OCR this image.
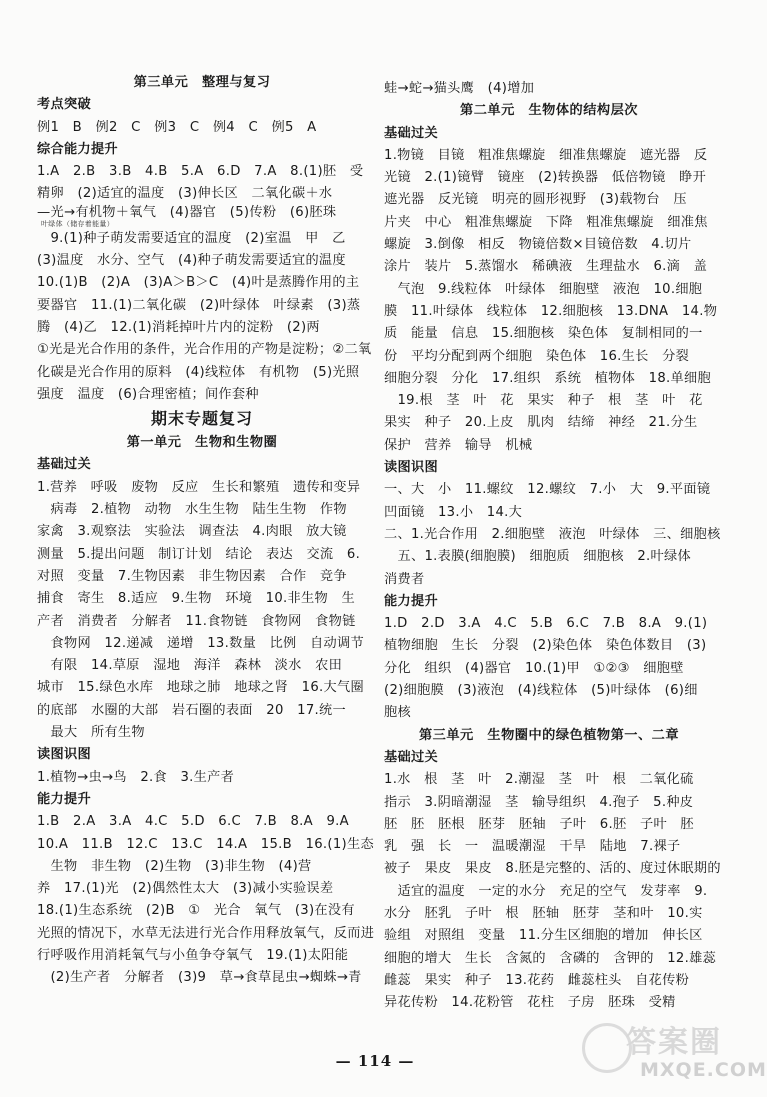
第三单元　整理与复习
考点突破
例1　B　例2　C　例3　C　例4　C　例5　A
综合能力提升
1.A　2.B　3.B　4.B　5.A　6.D　7.A　8.(1)胚　受
精卵　(2)适宜的温度　(3)伸长区　二氧化碳＋水
—光→有机物＋氧气　(4)器官　(5)传粉　(6)胚珠
叶绿体（储存着能量）
　9.(1)种子萌发需要适宜的温度　(2)室温　甲　乙
(3)温度　水分、空气　(4)种子萌发需要适宜的温度
10.(1)B　(2)A　(3)A＞B＞C　(4)叶是蒸腾作用的主
要器官　11.(1)二氧化碳　(2)叶绿体　叶绿素　(3)蒸
腾　(4)乙　12.(1)消耗掉叶片内的淀粉　(2)两
①光是光合作用的条件，光合作用的产物是淀粉；②二氧
化碳是光合作用的原料　(4)线粒体　有机物　(5)光照
强度　温度　(6)合理密植；间作套种
期末专题复习
第一单元　生物和生物圈
基础过关
1.营养　呼吸　废物　反应　生长和繁殖　遗传和变异
　病毒　2.植物　动物　水生生物　陆生生物　作物
家禽　3.观察法　实验法　调查法　4.肉眼　放大镜
测量　5.提出问题　制订计划　结论　表达　交流　6.
对照　变量　7.生物因素　非生物因素　合作　竞争
捕食　寄生　8.适应　9.生物　环境　10.非生物　生
产者　消费者　分解者　11.食物链　食物网　食物链
　食物网　12.递减　递增　13.数量　比例　自动调节
　有限　14.草原　湿地　海洋　森林　淡水　农田
城市　15.绿色水库　地球之肺　地球之肾　16.大气圈
的底部　水圈的大部　岩石圈的表面　20　17.统一
　最大　所有生物
读图识图
1.植物→虫→鸟　2.食　3.生产者
能力提升
1.B　2.A　3.A　4.C　5.D　6.C　7.B　8.A　9.A
10.A　11.B　12.C　13.C　14.A　15.B　16.(1)生态
　生物　非生物　(2)生物　(3)非生物　(4)营
养　17.(1)光　(2)偶然性太大　(3)减小实验误差
18.(1)生态系统　(2)B　①　光合　氧气　(3)在没有
光照的情况下，水草无法进行光合作用释放氧气，反而进
行呼吸作用消耗氧气与小鱼争夺氧气　19.(1)太阳能
　(2)生产者　分解者　(3)9　草→食草昆虫→蜘蛛→青
蛙→蛇→猫头鹰　(4)增加
第二单元　生物体的结构层次
基础过关
1.物镜　目镜　粗准焦螺旋　细准焦螺旋　遮光器　反
光镜　2.(1)镜臂　镜座　(2)转换器　低倍物镜　睁开
遮光器　反光镜　明亮的圆形视野　(3)载物台　压
片夹　中心　粗准焦螺旋　下降　粗准焦螺旋　细准焦
螺旋　3.倒像　相反　物镜倍数×目镜倍数　4.切片
涂片　装片　5.蒸馏水　稀碘液　生理盐水　6.滴　盖
　气泡　9.线粒体　叶绿体　细胞壁　液泡　10.细胞
膜　11.叶绿体　线粒体　12.细胞核　13.DNA　14.物
质　能量　信息　15.细胞核　染色体　复制相同的一
份　平均分配到两个细胞　染色体　16.生长　分裂
细胞分裂　分化　17.组织　系统　植物体　18.单细胞
　19.根　茎　叶　花　果实　种子　根　茎　叶　花
果实　种子　20.上皮　肌肉　结缔　神经　21.分生
保护　营养　输导　机械
读图识图
一、大　小　11.螺纹　12.螺纹　7.小　大　9.平面镜
凹面镜　13.小　14.大
二、1.光合作用　2.细胞壁　液泡　叶绿体　三、细胞核
　五、1.表膜(细胞膜)　细胞质　细胞核　2.叶绿体
消费者
能力提升
1.D　2.D　3.A　4.C　5.B　6.C　7.B　8.A　9.(1)
植物细胞　生长　分裂　(2)染色体　染色体数目　(3)
分化　组织　(4)器官　10.(1)甲　①②③　细胞壁
(2)细胞膜　(3)液泡　(4)线粒体　(5)叶绿体　(6)细
胞核
第三单元　生物圈中的绿色植物第一、二章
基础过关
1.水　根　茎　叶　2.潮湿　茎　叶　根　二氧化硫
指示　3.阴暗潮湿　茎　输导组织　4.孢子　5.种皮
胚　胚　胚根　胚芽　胚轴　子叶　6.胚　子叶　胚
乳　强　长　一　温暖潮湿　干旱　陆地　7.裸子
被子　果皮　果皮　8.胚是完整的、活的、度过休眠期的
　适宜的温度　一定的水分　充足的空气　发芽率　9.
水分　胚乳　子叶　根　胚轴　胚芽　茎和叶　10.实
验组　对照组　变量　11.分生区细胞的增加　伸长区
细胞的增大　生长　含氮的　含磷的　含钾的　12.雄蕊
雌蕊　果实　种子　13.花药　雌蕊柱头　自花传粉
异花传粉　14.花粉管　花柱　子房　胚珠　受精
— 114 —
答案圈
MXQE.COM
